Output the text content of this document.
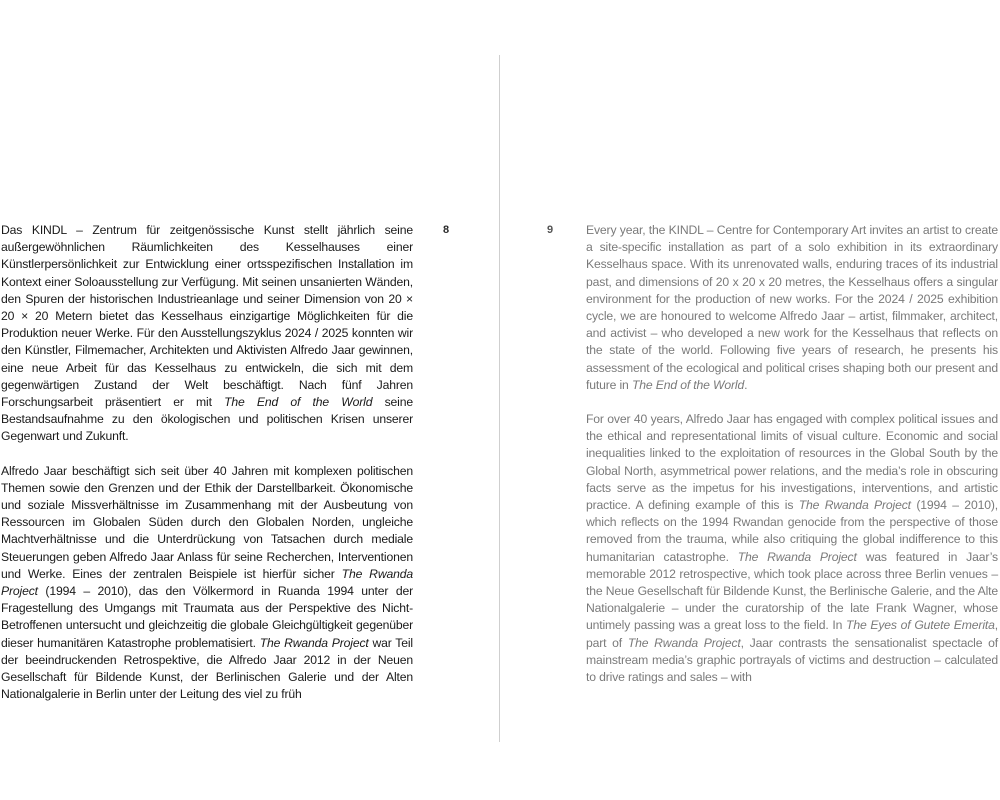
8	9

Das KINDL – Zentrum für zeitgenössische Kunst stellt jährlich seine außergewöhnlichen Räumlichkeiten des Kesselhauses einer Künstlerpersönlichkeit zur Entwicklung einer ortsspezifischen Installation im Kontext einer Soloausstellung zur Verfügung. Mit seinen unsanierten Wänden, den Spuren der historischen Industrieanlage und seiner Dimension von 20 × 20 × 20 Metern bietet das Kesselhaus einzigartige Möglichkeiten für die Produktion neuer Werke. Für den Ausstellungszyklus 2024 / 2025 konnten wir den Künstler, Filmemacher, Architekten und Aktivisten Alfredo Jaar gewinnen, eine neue Arbeit für das Kesselhaus zu entwickeln, die sich mit dem gegenwärtigen Zustand der Welt beschäftigt. Nach fünf Jahren Forschungsarbeit präsentiert er mit The End of the World seine Bestandsaufnahme zu den ökologischen und politischen Krisen unserer Gegenwart und Zukunft.

Alfredo Jaar beschäftigt sich seit über 40 Jahren mit komplexen politischen Themen sowie den Grenzen und der Ethik der Darstellbarkeit. Ökonomische und soziale Missverhältnisse im Zusammenhang mit der Ausbeutung von Ressourcen im Globalen Süden durch den Globalen Norden, ungleiche Machtverhältnisse und die Unterdrückung von Tatsachen durch mediale Steuerungen geben Alfredo Jaar Anlass für seine Recherchen, Interventionen und Werke. Eines der zentralen Beispiele ist hierfür sicher The Rwanda Project (1994 – 2010), das den Völkermord in Ruanda 1994 unter der Fragestellung des Umgangs mit Traumata aus der Perspektive des Nicht-Betroffenen untersucht und gleichzeitig die globale Gleichgültigkeit gegenüber dieser humanitären Katastrophe problematisiert. The Rwanda Project war Teil der beeindruckenden Retrospektive, die Alfredo Jaar 2012 in der Neuen Gesellschaft für Bildende Kunst, der Berlinischen Galerie und der Alten Nationalgalerie in Berlin unter der Leitung des viel zu früh

Every year, the KINDL – Centre for Contemporary Art invites an artist to create a site-specific installation as part of a solo exhibition in its extraordinary Kesselhaus space. With its unrenovated walls, enduring traces of its industrial past, and dimensions of 20 x 20 x 20 metres, the Kesselhaus offers a singular environment for the production of new works. For the 2024 / 2025 exhibition cycle, we are honoured to welcome Alfredo Jaar – artist, filmmaker, architect, and activist – who developed a new work for the Kesselhaus that reflects on the state of the world. Following five years of research, he presents his assessment of the ecological and political crises shaping both our present and future in The End of the World.

For over 40 years, Alfredo Jaar has engaged with complex political issues and the ethical and representational limits of visual culture. Economic and social inequalities linked to the exploitation of resources in the Global South by the Global North, asymmetrical power relations, and the media’s role in obscuring facts serve as the impetus for his investigations, interventions, and artistic practice. A defining example of this is The Rwanda Project (1994 – 2010), which reflects on the 1994 Rwandan genocide from the perspective of those removed from the trauma, while also critiquing the global indifference to this humanitarian catastrophe. The Rwanda Project was featured in Jaar’s memorable 2012 retrospective, which took place across three Berlin venues – the Neue Gesellschaft für Bildende Kunst, the Berlinische Galerie, and the Alte Nationalgalerie – under the curatorship of the late Frank Wagner, whose untimely passing was a great loss to the field. In The Eyes of Gutete Emerita, part of The Rwanda Project, Jaar contrasts the sensationalist spectacle of mainstream media’s graphic portrayals of victims and destruction – calculated to drive ratings and sales – with
